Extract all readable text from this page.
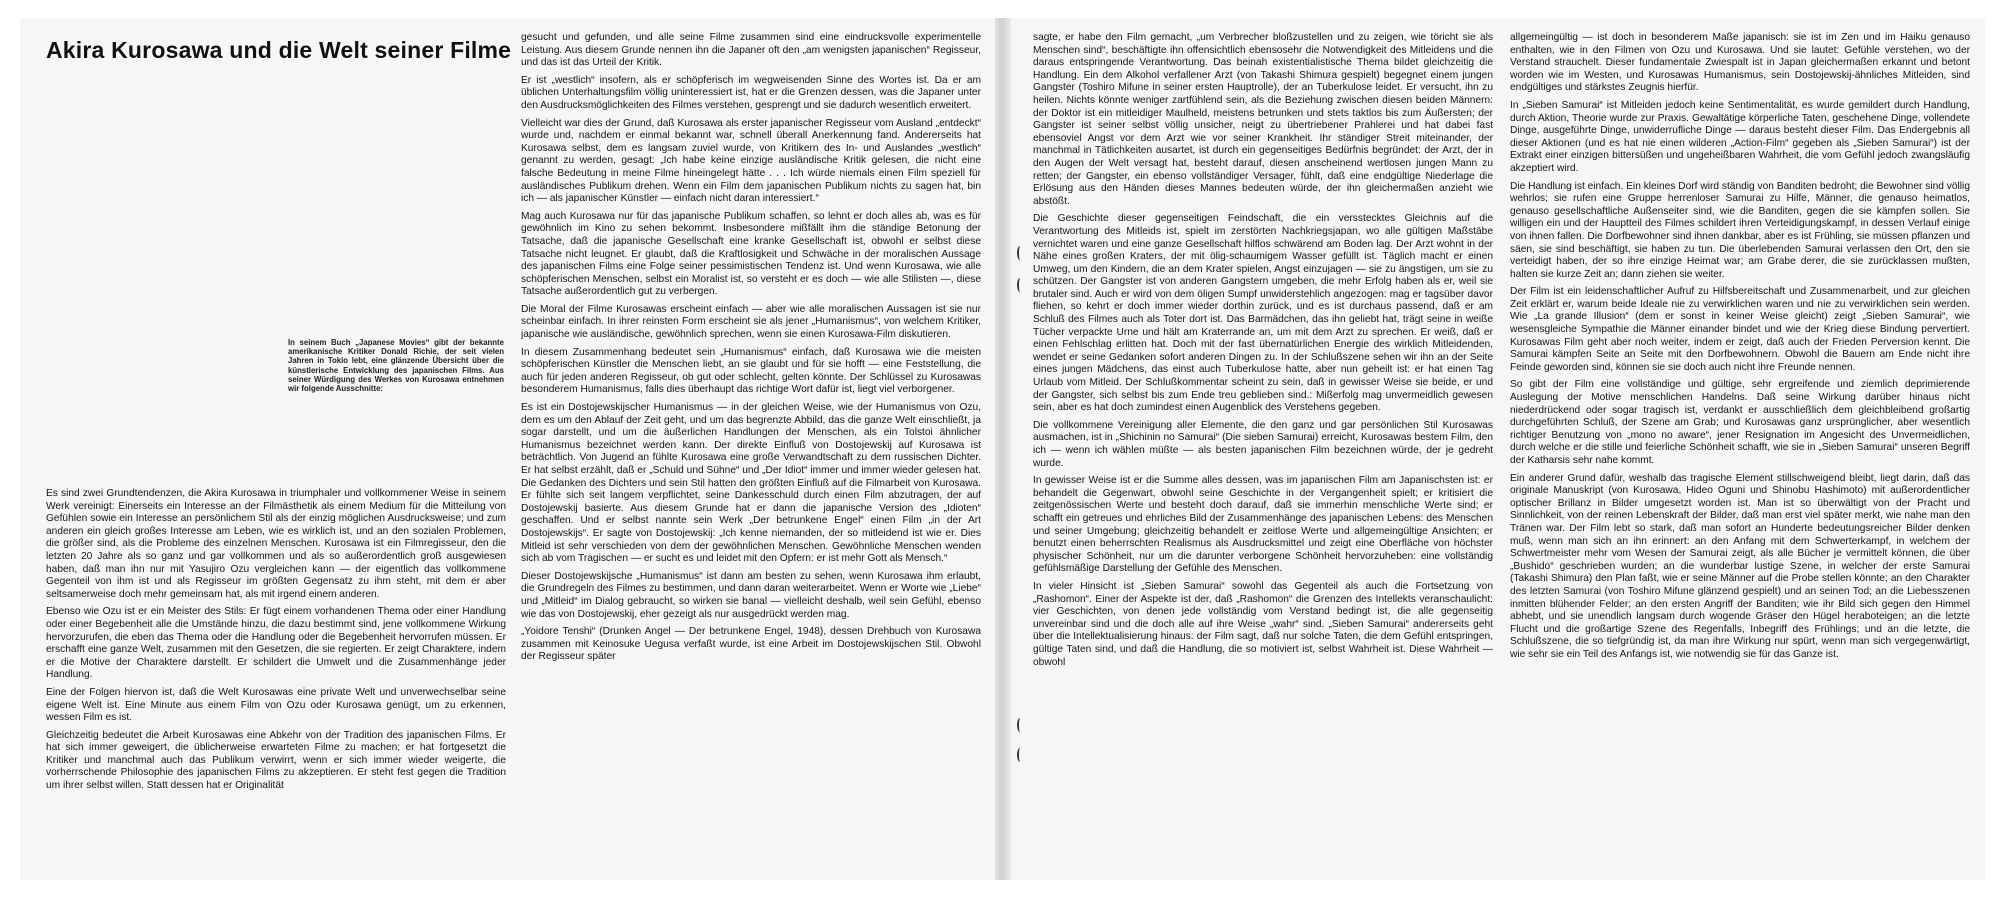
Akira Kurosawa und die Welt seiner Filme
In seinem Buch „Japanese Movies“ gibt der bekannte amerikanische Kritiker Donald Richie, der seit vielen Jahren in Tokio lebt, eine glänzende Übersicht über die künstlerische Entwicklung des japanischen Films. Aus seiner Würdigung des Werkes von Kurosawa entnehmen wir folgende Ausschnitte:

Es sind zwei Grundtendenzen, die Akira Kurosawa in triumphaler und vollkommener Weise in seinem Werk vereinigt: Einerseits ein Interesse an der Filmästhetik als einem Medium für die Mitteilung von Gefühlen sowie ein Interesse an persönlichem Stil als der einzig möglichen Ausdrucksweise; und zum anderen ein gleich großes Interesse am Leben, wie es wirklich ist, und an den sozialen Problemen, die größer sind, als die Probleme des einzelnen Menschen. Kurosawa ist ein Filmregisseur, den die letzten 20 Jahre als so ganz und gar vollkommen und als so außerordentlich groß ausgewiesen haben, daß man ihn nur mit Yasujiro Ozu vergleichen kann — der eigentlich das vollkommene Gegenteil von ihm ist und als Regisseur im größten Gegensatz zu ihm steht, mit dem er aber seltsamerweise doch mehr gemeinsam hat, als mit irgend einem anderen.

Ebenso wie Ozu ist er ein Meister des Stils: Er fügt einem vorhandenen Thema oder einer Handlung oder einer Begebenheit alle die Umstände hinzu, die dazu bestimmt sind, jene vollkommene Wirkung hervorzurufen, die eben das Thema oder die Handlung oder die Begebenheit hervorrufen müssen. Er erschafft eine ganze Welt, zusammen mit den Gesetzen, die sie regierten. Er zeigt Charaktere, indem er die Motive der Charaktere darstellt. Er schildert die Umwelt und die Zusammenhänge jeder Handlung.

Eine der Folgen hiervon ist, daß die Welt Kurosawas eine private Welt und unverwechselbar seine eigene Welt ist. Eine Minute aus einem Film von Ozu oder Kurosawa genügt, um zu erkennen, wessen Film es ist.

Gleichzeitig bedeutet die Arbeit Kurosawas eine Abkehr von der Tradition des japanischen Films. Er hat sich immer geweigert, die üblicherweise erwarteten Filme zu machen; er hat fortgesetzt die Kritiker und manchmal auch das Publikum verwirrt, wenn er sich immer wieder weigerte, die vorherrschende Philosophie des japanischen Films zu akzeptieren. Er steht fest gegen die Tradition um ihrer selbst willen. Statt dessen hat er Originalität

gesucht und gefunden, und alle seine Filme zusammen sind eine eindrucksvolle experimentelle Leistung. Aus diesem Grunde nennen ihn die Japaner oft den „am wenigsten japanischen“ Regisseur, und das ist das Urteil der Kritik.

Er ist „westlich“ insofern, als er schöpferisch im wegweisenden Sinne des Wortes ist. Da er am üblichen Unterhaltungsfilm völlig uninteressiert ist, hat er die Grenzen dessen, was die Japaner unter den Ausdrucksmöglichkeiten des Filmes verstehen, gesprengt und sie dadurch wesentlich erweitert.

Vielleicht war dies der Grund, daß Kurosawa als erster japanischer Regisseur vom Ausland „entdeckt“ wurde und, nachdem er einmal bekannt war, schnell überall Anerkennung fand. Andererseits hat Kurosawa selbst, dem es langsam zuviel wurde, von Kritikern des In- und Auslandes „westlich“ genannt zu werden, gesagt: „Ich habe keine einzige ausländische Kritik gelesen, die nicht eine falsche Bedeutung in meine Filme hineingelegt hätte . . . Ich würde niemals einen Film speziell für ausländisches Publikum drehen. Wenn ein Film dem japanischen Publikum nichts zu sagen hat, bin ich — als japanischer Künstler — einfach nicht daran interessiert.“

Mag auch Kurosawa nur für das japanische Publikum schaffen, so lehnt er doch alles ab, was es für gewöhnlich im Kino zu sehen bekommt. Insbesondere mißfällt ihm die ständige Betonung der Tatsache, daß die japanische Gesellschaft eine kranke Gesellschaft ist, obwohl er selbst diese Tatsache nicht leugnet. Er glaubt, daß die Kraftlosigkeit und Schwäche in der moralischen Aussage des japanischen Films eine Folge seiner pessimistischen Tendenz ist. Und wenn Kurosawa, wie alle schöpferischen Menschen, selbst ein Moralist ist, so versteht er es doch — wie alle Stilisten —, diese Tatsache außerordentlich gut zu verbergen.

Die Moral der Filme Kurosawas erscheint einfach — aber wie alle moralischen Aussagen ist sie nur scheinbar einfach. In ihrer reinsten Form erscheint sie als jener „Humanismus“, von welchem Kritiker, japanische wie ausländische, gewöhnlich sprechen, wenn sie einen Kurosawa-Film diskutieren.

In diesem Zusammenhang bedeutet sein „Humanismus“ einfach, daß Kurosawa wie die meisten schöpferischen Künstler die Menschen liebt, an sie glaubt und für sie hofft — eine Feststellung, die auch für jeden anderen Regisseur, ob gut oder schlecht, gelten könnte. Der Schlüssel zu Kurosawas besonderem Humanismus, falls dies überhaupt das richtige Wort dafür ist, liegt viel verborgener.

Es ist ein Dostojewskijscher Humanismus — in der gleichen Weise, wie der Humanismus von Ozu, dem es um den Ablauf der Zeit geht, und um das begrenzte Abbild, das die ganze Welt einschließt, ja sogar darstellt, und um die äußerlichen Handlungen der Menschen, als ein Tolstoi ähnlicher Humanismus bezeichnet werden kann. Der direkte Einfluß von Dostojewskij auf Kurosawa ist beträchtlich. Von Jugend an fühlte Kurosawa eine große Verwandtschaft zu dem russischen Dichter. Er hat selbst erzählt, daß er „Schuld und Sühne“ und „Der Idiot“ immer und immer wieder gelesen hat. Die Gedanken des Dichters und sein Stil hatten den größten Einfluß auf die Filmarbeit von Kurosawa. Er fühlte sich seit langem verpflichtet, seine Dankesschuld durch einen Film abzutragen, der auf Dostojewskij basierte. Aus diesem Grunde hat er dann die japanische Version des „Idioten“ geschaffen. Und er selbst nannte sein Werk „Der betrunkene Engel“ einen Film „in der Art Dostojewskijs“. Er sagte von Dostojewskij: „Ich kenne niemanden, der so mitleidend ist wie er. Dies Mitleid ist sehr verschieden von dem der gewöhnlichen Menschen. Gewöhnliche Menschen wenden sich ab vom Tragischen — er sucht es und leidet mit den Opfern: er ist mehr Gott als Mensch.“

Dieser Dostojewskijsche „Humanismus“ ist dann am besten zu sehen, wenn Kurosawa ihm erlaubt, die Grundregeln des Filmes zu bestimmen, und dann daran weiterarbeitet. Wenn er Worte wie „Liebe“ und „Mitleid“ im Dialog gebraucht, so wirken sie banal — vielleicht deshalb, weil sein Gefühl, ebenso wie das von Dostojewskij, eher gezeigt als nur ausgedrückt werden mag.

„Yoidore Tenshi“ (Drunken Angel — Der betrunkene Engel, 1948), dessen Drehbuch von Kurosawa zusammen mit Keinosuke Uegusa verfaßt wurde, ist eine Arbeit im Dostojewskijschen Stil. Obwohl der Regisseur später

sagte, er habe den Film gemacht, „um Verbrecher bloßzustellen und zu zeigen, wie töricht sie als Menschen sind“, beschäftigte ihn offensichtlich ebensosehr die Notwendigkeit des Mitleidens und die daraus entspringende Verantwortung. Das beinah existentialistische Thema bildet gleichzeitig die Handlung. Ein dem Alkohol verfallener Arzt (von Takashi Shimura gespielt) begegnet einem jungen Gangster (Toshiro Mifune in seiner ersten Hauptrolle), der an Tuberkulose leidet. Er versucht, ihn zu heilen. Nichts könnte weniger zartfühlend sein, als die Beziehung zwischen diesen beiden Männern: der Doktor ist ein mitleidiger Maulheld, meistens betrunken und stets taktlos bis zum Äußersten; der Gangster ist seiner selbst völlig unsicher, neigt zu übertriebener Prahlerei und hat dabei fast ebensoviel Angst vor dem Arzt wie vor seiner Krankheit. Ihr ständiger Streit miteinander, der manchmal in Tätlichkeiten ausartet, ist durch ein gegenseitiges Bedürfnis begründet: der Arzt, der in den Augen der Welt versagt hat, besteht darauf, diesen anscheinend wertlosen jungen Mann zu retten; der Gangster, ein ebenso vollständiger Versager, fühlt, daß eine endgültige Niederlage die Erlösung aus den Händen dieses Mannes bedeuten würde, der ihn gleichermaßen anzieht wie abstößt.

Die Geschichte dieser gegenseitigen Feindschaft, die ein versstecktes Gleichnis auf die Verantwortung des Mitleids ist, spielt im zerstörten Nachkriegsjapan, wo alle gültigen Maßstäbe vernichtet waren und eine ganze Gesellschaft hilflos schwärend am Boden lag. Der Arzt wohnt in der Nähe eines großen Kraters, der mit ölig-schaumigem Wasser gefüllt ist. Täglich macht er einen Umweg, um den Kindern, die an dem Krater spielen, Angst einzujagen — sie zu ängstigen, um sie zu schützen. Der Gangster ist von anderen Gangstern umgeben, die mehr Erfolg haben als er, weil sie brutaler sind. Auch er wird von dem öligen Sumpf unwiderstehlich angezogen: mag er tagsüber davor fliehen, so kehrt er doch immer wieder dorthin zurück, und es ist durchaus passend, daß er am Schluß des Filmes auch als Toter dort ist. Das Barmädchen, das ihn geliebt hat, trägt seine in weiße Tücher verpackte Urne und hält am Kraterrande an, um mit dem Arzt zu sprechen. Er weiß, daß er einen Fehlschlag erlitten hat. Doch mit der fast übernatürlichen Energie des wirklich Mitleidenden, wendet er seine Gedanken sofort anderen Dingen zu. In der Schlußszene sehen wir ihn an der Seite eines jungen Mädchens, das einst auch Tuberkulose hatte, aber nun geheilt ist: er hat einen Tag Urlaub vom Mitleid. Der Schlußkommentar scheint zu sein, daß in gewisser Weise sie beide, er und der Gangster, sich selbst bis zum Ende treu geblieben sind.: Mißerfolg mag unvermeidlich gewesen sein, aber es hat doch zumindest einen Augenblick des Verstehens gegeben.

Die vollkommene Vereinigung aller Elemente, die den ganz und gar persönlichen Stil Kurosawas ausmachen, ist in „Shichinin no Samurai“ (Die sieben Samurai) erreicht, Kurosawas bestem Film, den ich — wenn ich wählen müßte — als besten japanischen Film bezeichnen würde, der je gedreht wurde.

In gewisser Weise ist er die Summe alles dessen, was im japanischen Film am Japanischsten ist: er behandelt die Gegenwart, obwohl seine Geschichte in der Vergangenheit spielt; er kritisiert die zeitgenössischen Werte und besteht doch darauf, daß sie immerhin menschliche Werte sind; er schafft ein getreues und ehrliches Bild der Zusammenhänge des japanischen Lebens: des Menschen und seiner Umgebung; gleichzeitig behandelt er zeitlose Werte und allgemeingültige Ansichten; er benutzt einen beherrschten Realismus als Ausdrucksmittel und zeigt eine Oberfläche von höchster physischer Schönheit, nur um die darunter verborgene Schönheit hervorzuheben: eine vollständig gefühlsmäßige Darstellung der Gefühle des Menschen.

In vieler Hinsicht ist „Sieben Samurai“ sowohl das Gegenteil als auch die Fortsetzung von „Rashomon“. Einer der Aspekte ist der, daß „Rashomon“ die Grenzen des Intellekts veranschaulicht: vier Geschichten, von denen jede vollständig vom Verstand bedingt ist, die alle gegenseitig unvereinbar sind und die doch alle auf ihre Weise „wahr“ sind. „Sieben Samurai“ andererseits geht über die Intellektualisierung hinaus: der Film sagt, daß nur solche Taten, die dem Gefühl entspringen, gültige Taten sind, und daß die Handlung, die so motiviert ist, selbst Wahrheit ist. Diese Wahrheit — obwohl

allgemeingültig — ist doch in besonderem Maße japanisch: sie ist im Zen und im Haiku genauso enthalten, wie in den Filmen von Ozu und Kurosawa. Und sie lautet: Gefühle verstehen, wo der Verstand strauchelt. Dieser fundamentale Zwiespalt ist in Japan gleichermaßen erkannt und betont worden wie im Westen, und Kurosawas Humanismus, sein Dostojewskij-ähnliches Mitleiden, sind endgültiges und stärkstes Zeugnis hierfür.

In „Sieben Samurai“ ist Mitleiden jedoch keine Sentimentalität, es wurde gemildert durch Handlung, durch Aktion, Theorie wurde zur Praxis. Gewaltätige körperliche Taten, geschehene Dinge, vollendete Dinge, ausgeführte Dinge, unwiderrufliche Dinge — daraus besteht dieser Film. Das Endergebnis all dieser Aktionen (und es hat nie einen wilderen „Action-Film“ gegeben als „Sieben Samurai“) ist der Extrakt einer einzigen bittersüßen und ungeheißbaren Wahrheit, die vom Gefühl jedoch zwangsläufig akzeptiert wird.

Die Handlung ist einfach. Ein kleines Dorf wird ständig von Banditen bedroht; die Bewohner sind völlig wehrlos; sie rufen eine Gruppe herrenloser Samurai zu Hilfe, Männer, die genauso heimatlos, genauso gesellschaftliche Außenseiter sind, wie die Banditen, gegen die sie kämpfen sollen. Sie willigen ein und der Hauptteil des Filmes schildert ihren Verteidigungskampf, in dessen Verlauf einige von ihnen fallen. Die Dorfbewohner sind ihnen dankbar, aber es ist Frühling, sie müssen pflanzen und säen, sie sind beschäftigt, sie haben zu tun. Die überlebenden Samurai verlassen den Ort, den sie verteidigt haben, der so ihre einzige Heimat war; am Grabe derer, die sie zurücklassen mußten, halten sie kurze Zeit an; dann ziehen sie weiter.

Der Film ist ein leidenschaftlicher Aufruf zu Hilfsbereitschaft und Zusammenarbeit, und zur gleichen Zeit erklärt er, warum beide Ideale nie zu verwirklichen waren und nie zu verwirklichen sein werden. Wie „La grande Illusion“ (dem er sonst in keiner Weise gleicht) zeigt „Sieben Samurai“, wie wesensgleiche Sympathie die Männer einander bindet und wie der Krieg diese Bindung pervertiert. Kurosawas Film geht aber noch weiter, indem er zeigt, daß auch der Frieden Perversion kennt. Die Samurai kämpfen Seite an Seite mit den Dorfbewohnern. Obwohl die Bauern am Ende nicht ihre Feinde geworden sind, können sie sie doch auch nicht ihre Freunde nennen.

So gibt der Film eine vollständige und gültige, sehr ergreifende und ziemlich deprimierende Auslegung der Motive menschlichen Handelns. Daß seine Wirkung darüber hinaus nicht niederdrückend oder sogar tragisch ist, verdankt er ausschließlich dem gleichbleibend großartig durchgeführten Schluß, der Szene am Grab; und Kurosawas ganz ursprünglicher, aber wesentlich richtiger Benutzung von „mono no aware“, jener Resignation im Angesicht des Unvermeidlichen, durch welche er die stille und feierliche Schönheit schafft, wie sie in „Sieben Samurai“ unseren Begriff der Katharsis sehr nahe kommt.

Ein anderer Grund dafür, weshalb das tragische Element stillschweigend bleibt, liegt darin, daß das originale Manuskript (von Kurosawa, Hideo Oguni und Shinobu Hashimoto) mit außerordentlicher optischer Brillanz in Bilder umgesetzt worden ist. Man ist so überwältigt von der Pracht und Sinnlichkeit, von der reinen Lebenskraft der Bilder, daß man erst viel später merkt, wie nahe man den Tränen war. Der Film lebt so stark, daß man sofort an Hunderte bedeutungsreicher Bilder denken muß, wenn man sich an ihn erinnert: an den Anfang mit dem Schwerterkampf, in welchem der Schwertmeister mehr vom Wesen der Samurai zeigt, als alle Bücher je vermittelt können, die über „Bushido“ geschrieben wurden; an die wunderbar lustige Szene, in welcher der erste Samurai (Takashi Shimura) den Plan faßt, wie er seine Männer auf die Probe stellen könnte; an den Charakter des letzten Samurai (von Toshiro Mifune glänzend gespielt) und an seinen Tod; an die Liebesszenen inmitten blühender Felder; an den ersten Angriff der Banditen; wie ihr Bild sich gegen den Himmel abhebt, und sie unendlich langsam durch wogende Gräser den Hügel heraboteigen; an die letzte Flucht und die großartige Szene des Regenfalls, Inbegriff des Frühlings; und an die letzte, die Schlußszene, die so tiefgründig ist, da man ihre Wirkung nur spürt, wenn man sich vergegenwärtigt, wie sehr sie ein Teil des Anfangs ist, wie notwendig sie für das Ganze ist.
